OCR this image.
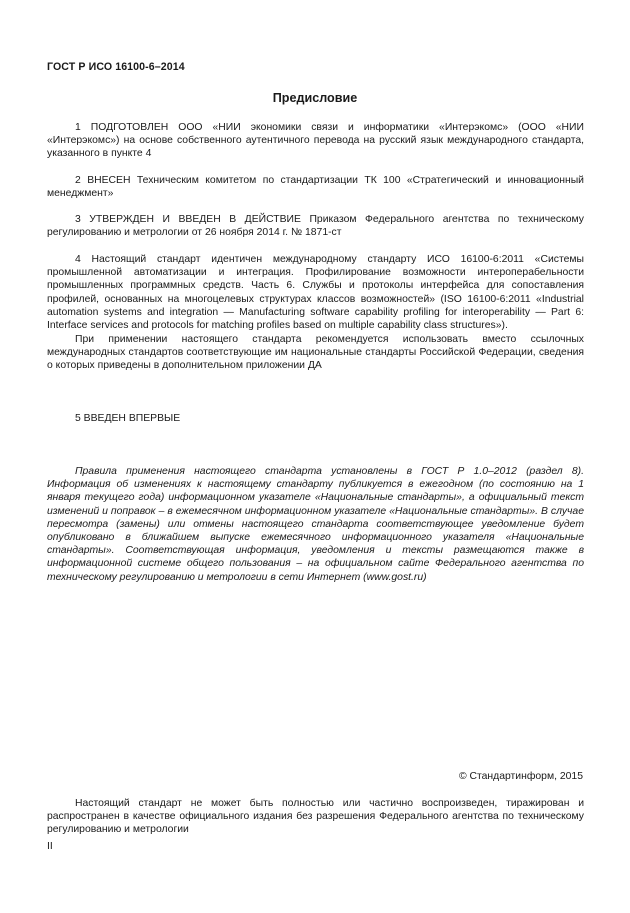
ГОСТ Р ИСО 16100-6–2014
Предисловие

1 ПОДГОТОВЛЕН ООО «НИИ экономики связи и информатики «Интерэкомс» (ООО «НИИ «Интерэкомс») на основе собственного аутентичного перевода на русский язык международного стандарта, указанного в пункте 4

2 ВНЕСЕН Техническим комитетом по стандартизации ТК 100 «Стратегический и инновационный менеджмент»

3 УТВЕРЖДЕН И ВВЕДЕН В ДЕЙСТВИЕ Приказом Федерального агентства по техническому регулированию и метрологии от 26 ноября 2014 г. № 1871-ст

4 Настоящий стандарт идентичен международному стандарту ИСО 16100-6:2011 «Системы промышленной автоматизации и интеграция. Профилирование возможности интероперабельности промышленных программных средств. Часть 6. Службы и протоколы интерфейса для сопоставления профилей, основанных на многоцелевых структурах классов возможностей» (ISO 16100-6:2011 «Industrial automation systems and integration — Manufacturing software capability profiling for interoperability — Part 6: Interface services and protocols for matching profiles based on multiple capability class structures»).

При применении настоящего стандарта рекомендуется использовать вместо ссылочных международных стандартов соответствующие им национальные стандарты Российской Федерации, сведения о которых приведены в дополнительном приложении ДА

5 ВВЕДЕН ВПЕРВЫЕ

Правила применения настоящего стандарта установлены в ГОСТ Р 1.0–2012 (раздел 8). Информация об изменениях к настоящему стандарту публикуется в ежегодном (по состоянию на 1 января текущего года) информационном указателе «Национальные стандарты», а официальный текст изменений и поправок – в ежемесячном информационном указателе «Национальные стандарты». В случае пересмотра (замены) или отмены настоящего стандарта соответствующее уведомление будет опубликовано в ближайшем выпуске ежемесячного информационного указателя «Национальные стандарты». Соответствующая информация, уведомления и тексты размещаются также в информационной системе общего пользования – на официальном сайте Федерального агентства по техническому регулированию и метрологии в сети Интернет (www.gost.ru)

© Стандартинформ, 2015

Настоящий стандарт не может быть полностью или частично воспроизведен, тиражирован и распространен в качестве официального издания без разрешения Федерального агентства по техническому регулированию и метрологии

II
